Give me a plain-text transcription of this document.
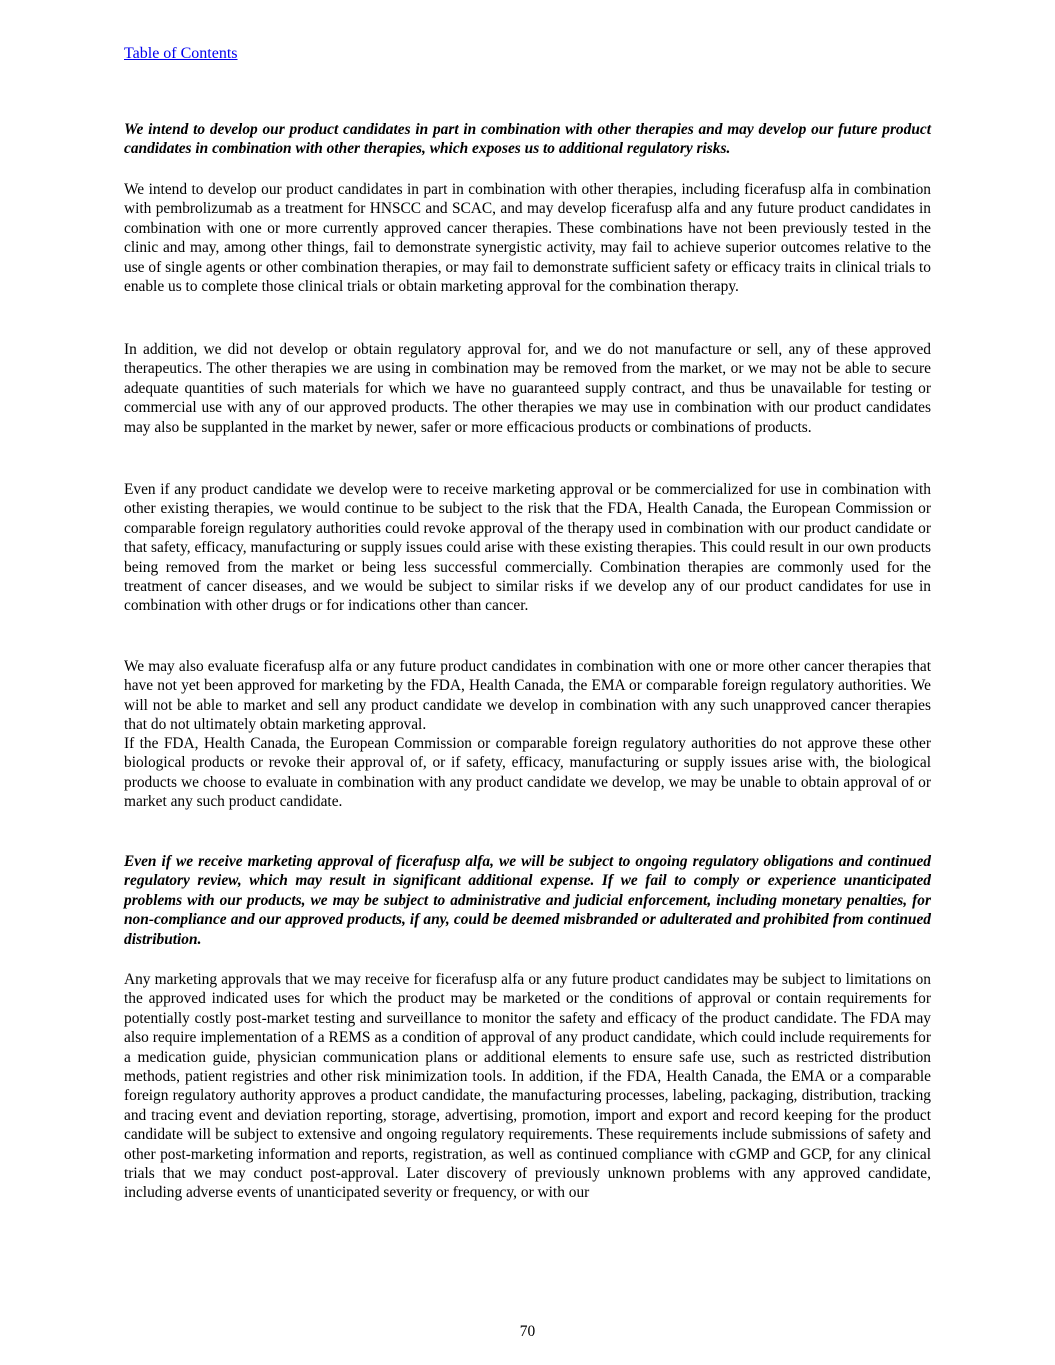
Table of Contents

We intend to develop our product candidates in part in combination with other therapies and may develop our future product candidates in combination with other therapies, which exposes us to additional regulatory risks.

We intend to develop our product candidates in part in combination with other therapies, including ficerafusp alfa in combination with pembrolizumab as a treatment for HNSCC and SCAC, and may develop ficerafusp alfa and any future product candidates in combination with one or more currently approved cancer therapies. These combinations have not been previously tested in the clinic and may, among other things, fail to demonstrate synergistic activity, may fail to achieve superior outcomes relative to the use of single agents or other combination therapies, or may fail to demonstrate sufficient safety or efficacy traits in clinical trials to enable us to complete those clinical trials or obtain marketing approval for the combination therapy.

In addition, we did not develop or obtain regulatory approval for, and we do not manufacture or sell, any of these approved therapeutics. The other therapies we are using in combination may be removed from the market, or we may not be able to secure adequate quantities of such materials for which we have no guaranteed supply contract, and thus be unavailable for testing or commercial use with any of our approved products. The other therapies we may use in combination with our product candidates may also be supplanted in the market by newer, safer or more efficacious products or combinations of products.

Even if any product candidate we develop were to receive marketing approval or be commercialized for use in combination with other existing therapies, we would continue to be subject to the risk that the FDA, Health Canada, the European Commission or comparable foreign regulatory authorities could revoke approval of the therapy used in combination with our product candidate or that safety, efficacy, manufacturing or supply issues could arise with these existing therapies. This could result in our own products being removed from the market or being less successful commercially. Combination therapies are commonly used for the treatment of cancer diseases, and we would be subject to similar risks if we develop any of our product candidates for use in combination with other drugs or for indications other than cancer.

We may also evaluate ficerafusp alfa or any future product candidates in combination with one or more other cancer therapies that have not yet been approved for marketing by the FDA, Health Canada, the EMA or comparable foreign regulatory authorities. We will not be able to market and sell any product candidate we develop in combination with any such unapproved cancer therapies that do not ultimately obtain marketing approval.

If the FDA, Health Canada, the European Commission or comparable foreign regulatory authorities do not approve these other biological products or revoke their approval of, or if safety, efficacy, manufacturing or supply issues arise with, the biological products we choose to evaluate in combination with any product candidate we develop, we may be unable to obtain approval of or market any such product candidate.

Even if we receive marketing approval of ficerafusp alfa, we will be subject to ongoing regulatory obligations and continued regulatory review, which may result in significant additional expense. If we fail to comply or experience unanticipated problems with our products, we may be subject to administrative and judicial enforcement, including monetary penalties, for non-compliance and our approved products, if any, could be deemed misbranded or adulterated and prohibited from continued distribution.

Any marketing approvals that we may receive for ficerafusp alfa or any future product candidates may be subject to limitations on the approved indicated uses for which the product may be marketed or the conditions of approval or contain requirements for potentially costly post-market testing and surveillance to monitor the safety and efficacy of the product candidate. The FDA may also require implementation of a REMS as a condition of approval of any product candidate, which could include requirements for a medication guide, physician communication plans or additional elements to ensure safe use, such as restricted distribution methods, patient registries and other risk minimization tools. In addition, if the FDA, Health Canada, the EMA or a comparable foreign regulatory authority approves a product candidate, the manufacturing processes, labeling, packaging, distribution, tracking and tracing event and deviation reporting, storage, advertising, promotion, import and export and record keeping for the product candidate will be subject to extensive and ongoing regulatory requirements. These requirements include submissions of safety and other post-marketing information and reports, registration, as well as continued compliance with cGMP and GCP, for any clinical trials that we may conduct post-approval. Later discovery of previously unknown problems with any approved candidate, including adverse events of unanticipated severity or frequency, or with our

70
